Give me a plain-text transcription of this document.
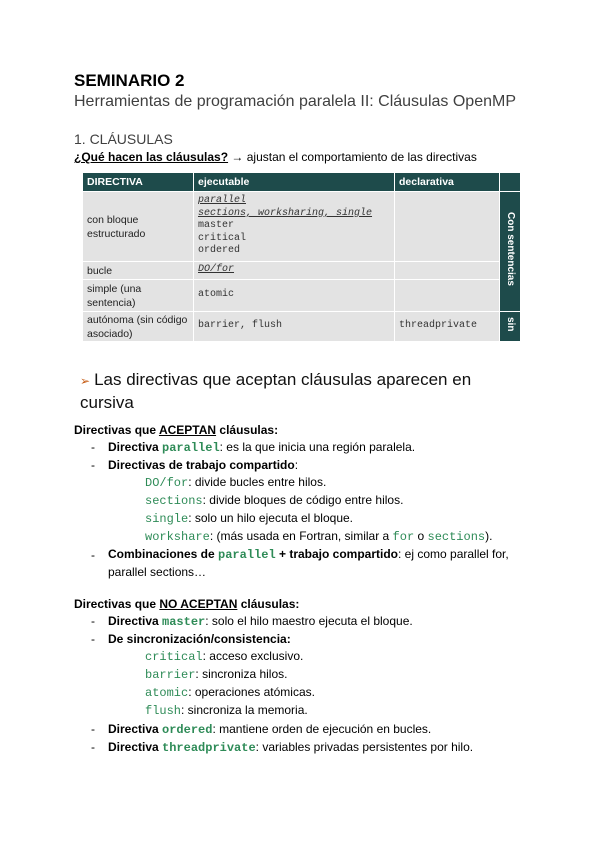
SEMINARIO 2
Herramientas de programación paralela II: Cláusulas OpenMP
1. CLÁUSULAS
¿Qué hacen las cláusulas? → ajustan el comportamiento de las directivas
DIRECTIVA	ejecutable	declarativa	
con bloque estructurado	parallel
sections, worksharing, single
master
critical
ordered		Con sentencias
bucle	DO/for		

simple (una sentencia)	atomic		

autónoma (sin código asociado)	barrier, flush	threadprivate	sin
➢ Las directivas que aceptan cláusulas aparecen en cursiva
Directivas que ACEPTAN cláusulas:
- Directiva parallel: es la que inicia una región paralela.
- Directivas de trabajo compartido:
DO/for: divide bucles entre hilos.
sections: divide bloques de código entre hilos.
single: solo un hilo ejecuta el bloque.
workshare: (más usada en Fortran, similar a for o sections).
- Combinaciones de parallel + trabajo compartido: ej como parallel for,
parallel sections…
Directivas que NO ACEPTAN cláusulas:
- Directiva master: solo el hilo maestro ejecuta el bloque.
- De sincronización/consistencia:
critical: acceso exclusivo.
barrier: sincroniza hilos.
atomic: operaciones atómicas.
flush: sincroniza la memoria.
- Directiva ordered: mantiene orden de ejecución en bucles.
- Directiva threadprivate: variables privadas persistentes por hilo.
